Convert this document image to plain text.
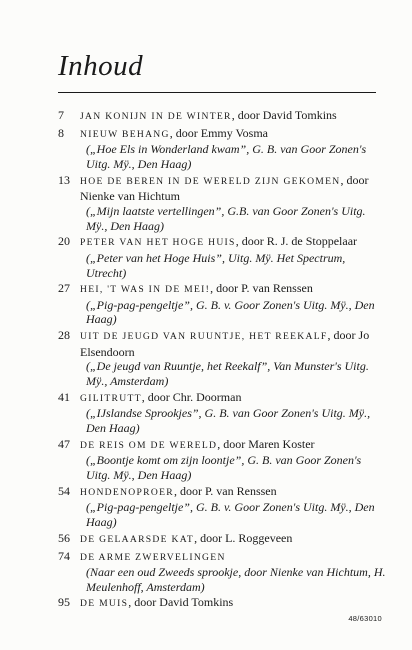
Inhoud
7 JAN KONIJN IN DE WINTER, door David Tomkins
8 NIEUW BEHANG, door Emmy Vosma
(„Hoe Els in Wonderland kwam”, G. B. van Goor Zonen's Uitg. Mÿ., Den Haag)
13 HOE DE BEREN IN DE WERELD ZIJN GEKOMEN, door Nienke van Hichtum
(„Mijn laatste vertellingen”, G.B. van Goor Zonen's Uitg. Mÿ., Den Haag)
20 PETER VAN HET HOGE HUIS, door R. J. de Stoppelaar
(„Peter van het Hoge Huis”, Uitg. Mÿ. Het Spectrum, Utrecht)
27 HEI, 'T WAS IN DE MEI!, door P. van Renssen
(„Pig-pag-pengeltje”, G. B. v. Goor Zonen's Uitg. Mÿ., Den Haag)
28 UIT DE JEUGD VAN RUUNTJE, HET REEKALF, door Jo Elsendoorn
(„De jeugd van Ruuntje, het Reekalf”, Van Munster's Uitg. Mÿ., Amsterdam)
41 GILITRUTT, door Chr. Doorman
(„IJslandse Sprookjes”, G. B. van Goor Zonen's Uitg. Mÿ., Den Haag)
47 DE REIS OM DE WERELD, door Maren Koster
(„Boontje komt om zijn loontje”, G. B. van Goor Zonen's Uitg. Mÿ., Den Haag)
54 HONDENOPROER, door P. van Renssen
(„Pig-pag-pengeltje”, G. B. v. Goor Zonen's Uitg. Mÿ., Den Haag)
56 DE GELAARSDE KAT, door L. Roggeveen
74 DE ARME ZWERVELINGEN
(Naar een oud Zweeds sprookje, door Nienke van Hichtum, H. Meulenhoff, Amsterdam)
95 DE MUIS, door David Tomkins
48/63010
